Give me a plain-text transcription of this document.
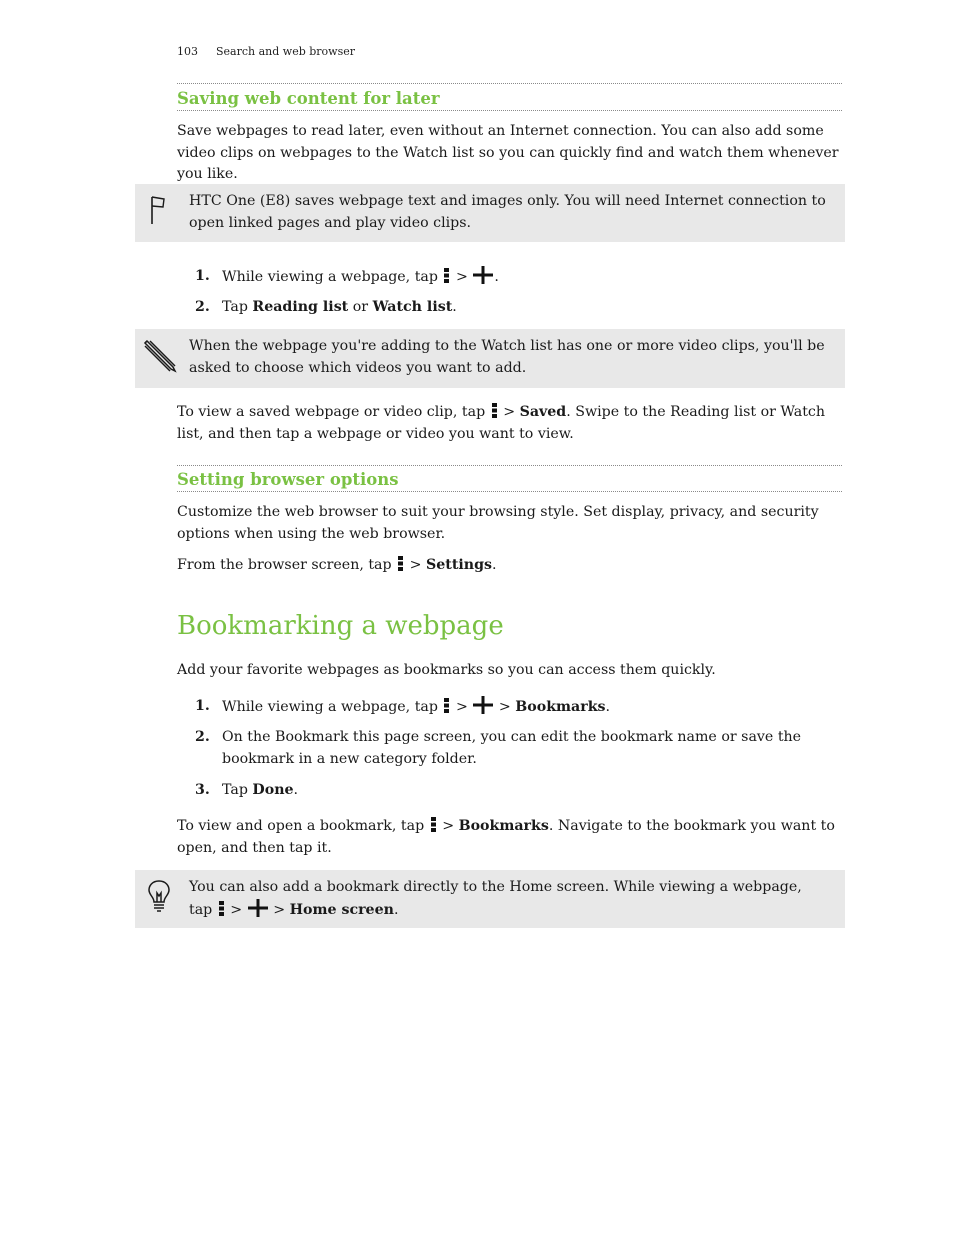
103 Search and web browser
Saving web content for later

Save webpages to read later, even without an Internet connection. You can also add some video clips on webpages to the Watch list so you can quickly find and watch them whenever you like.

HTC One (E8) saves webpage text and images only. You will need Internet connection to open linked pages and play video clips.
1. While viewing a webpage, tap > .
2. Tap Reading list or Watch list.
When the webpage you're adding to the Watch list has one or more video clips, you'll be asked to choose which videos you want to add.

To view a saved webpage or video clip, tap > Saved. Swipe to the Reading list or Watch list, and then tap a webpage or video you want to view.

Setting browser options

Customize the web browser to suit your browsing style. Set display, privacy, and security options when using the web browser.

From the browser screen, tap > Settings.

Bookmarking a webpage

Add your favorite webpages as bookmarks so you can access them quickly.

1. While viewing a webpage, tap > > Bookmarks.
2. On the Bookmark this page screen, you can edit the bookmark name or save the bookmark in a new category folder.
3. Tap Done.

To view and open a bookmark, tap > Bookmarks. Navigate to the bookmark you want to open, and then tap it.

You can also add a bookmark directly to the Home screen. While viewing a webpage, tap > > Home screen.
